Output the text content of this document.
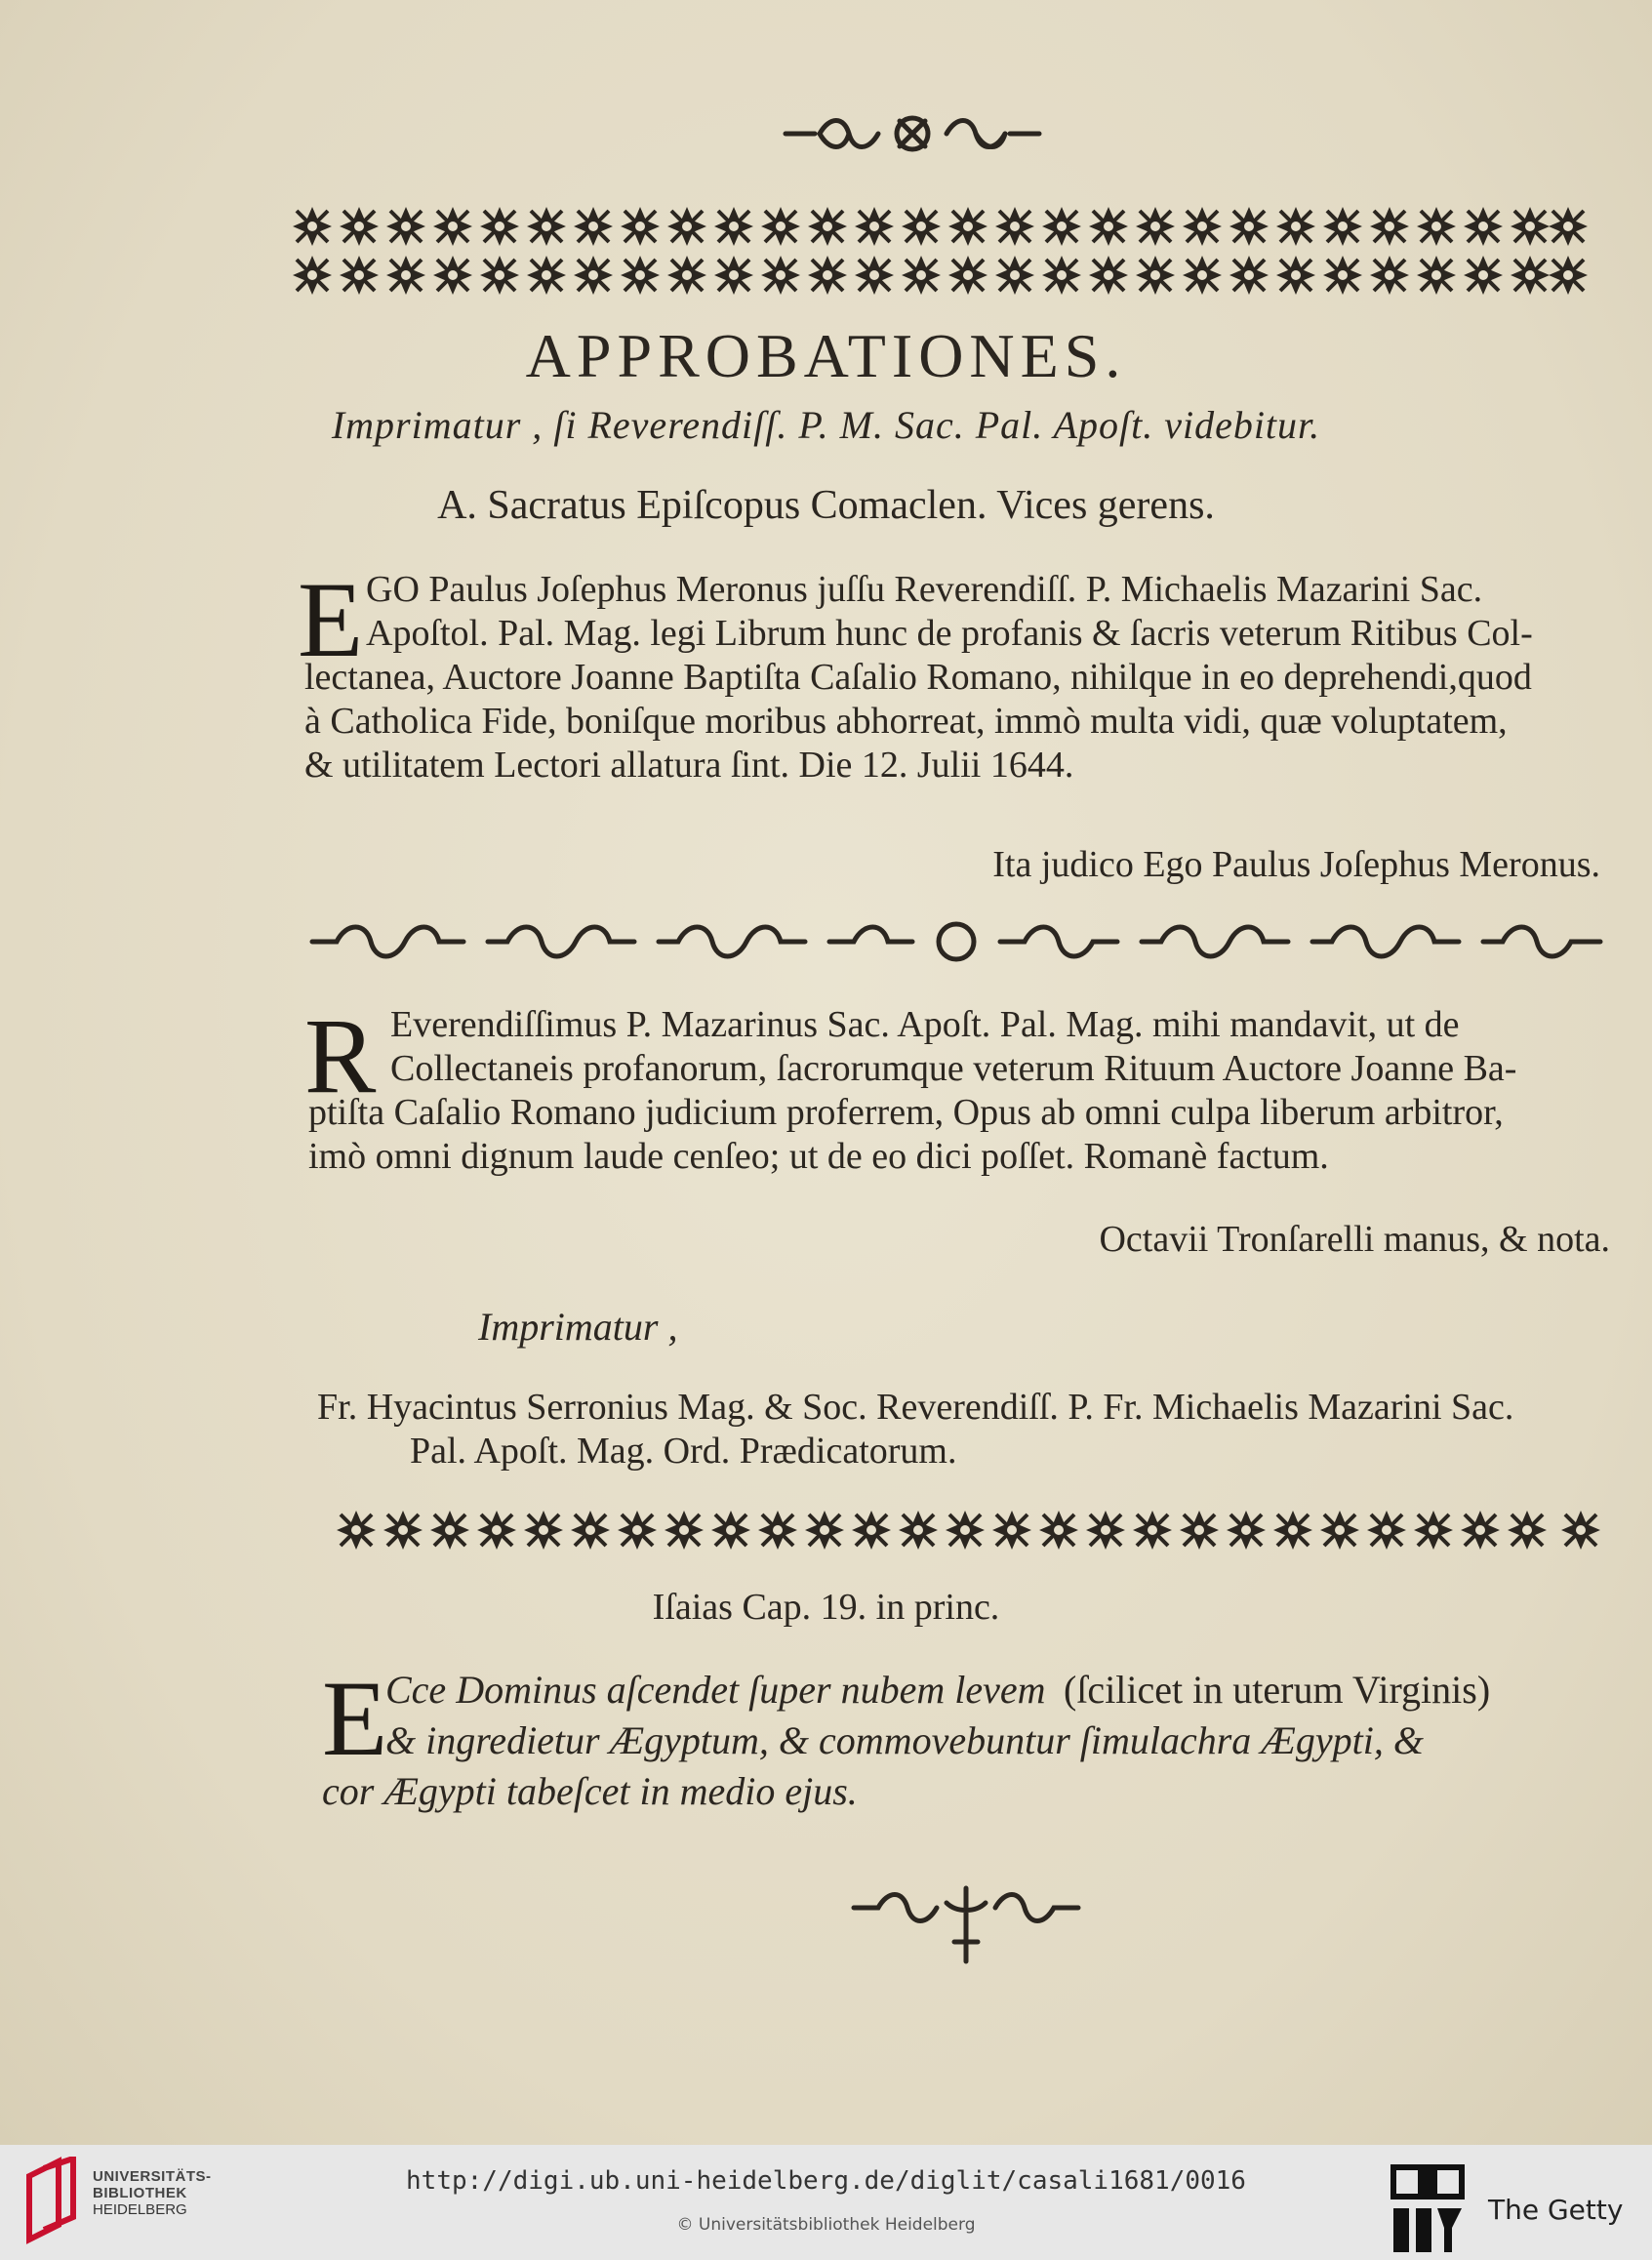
APPROBATIONES.
Imprimatur , ſi Reverendiſſ. P. M. Sac. Pal. Apoſt. videbitur.
A. Sacratus Epiſcopus Comaclen. Vices gerens.
E GO Paulus Joſephus Meronus juſſu Reverendiſſ. P. Michaelis Mazarini Sac.
Apoſtol. Pal. Mag. legi Librum hunc de profanis & ſacris veterum Ritibus Col-
lectanea, Auctore Joanne Baptiſta Caſalio Romano, nihilque in eo deprehendi,quod
à Catholica Fide, boniſque moribus abhorreat, immò multa vidi, quæ voluptatem,
& utilitatem Lectori allatura ſint. Die 12. Julii 1644.
Ita judico Ego Paulus Joſephus Meronus.
R Everendiſſimus P. Mazarinus Sac. Apoſt. Pal. Mag. mihi mandavit, ut de
Collectaneis profanorum, ſacrorumque veterum Rituum Auctore Joanne Ba-
ptiſta Caſalio Romano judicium proferrem, Opus ab omni culpa liberum arbitror,
imò omni dignum laude cenſeo; ut de eo dici poſſet. Romanè factum.
Octavii Tronſarelli manus, & nota.
Imprimatur ,
Fr. Hyacintus Serronius Mag. & Soc. Reverendiſſ. P. Fr. Michaelis Mazarini Sac.
Pal. Apoſt. Mag. Ord. Prædicatorum.
Iſaias Cap. 19. in princ.
E
Cce Dominus aſcendet ſuper nubem levem (ſcilicet in uterum Virginis)
& ingredietur Ægyptum, & commovebuntur ſimulachra Ægypti, &
cor Ægypti tabeſcet in medio ejus.
UNIVERSITÄTS-
BIBLIOTHEK
HEIDELBERG
http://digi.ub.uni-heidelberg.de/diglit/casali1681/0016
© Universitätsbibliothek Heidelberg	The Getty
